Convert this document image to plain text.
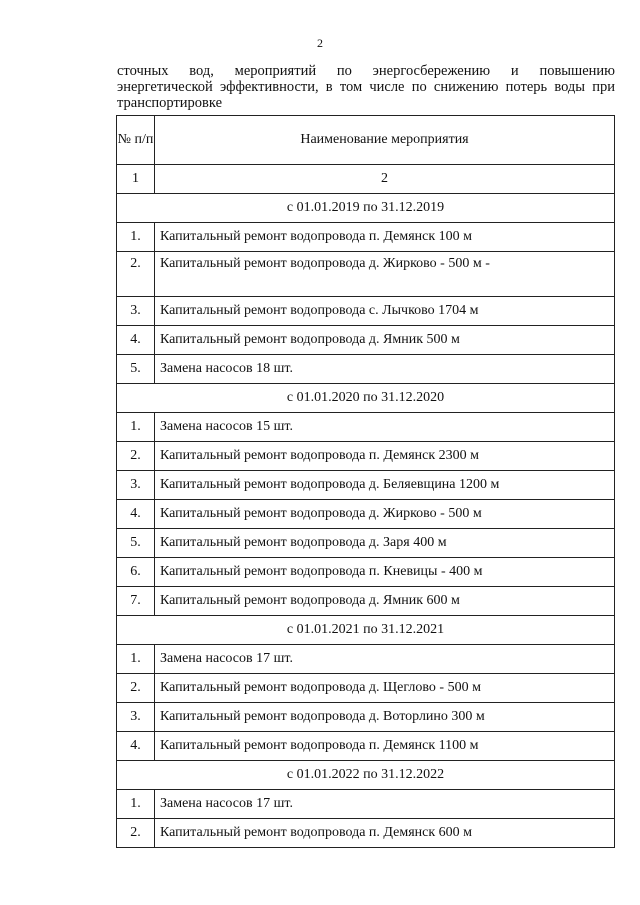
2
сточных вод, мероприятий по энергосбережению и повышению
энергетической эффективности, в том числе по снижению потерь воды при
транспортировке
№ п/п	Наименование мероприятия
1	2
с 01.01.2019 по 31.12.2019	
1.	Капитальный ремонт водопровода п. Демянск 100 м
2.	Капитальный ремонт водопровода д. Жирково - 500 м -
3.	Капитальный ремонт водопровода с. Лычково 1704 м
4.	Капитальный ремонт водопровода д. Ямник 500 м
5.	Замена насосов 18 шт.
с 01.01.2020 по 31.12.2020	
1.	Замена насосов 15 шт.
2.	Капитальный ремонт водопровода п. Демянск 2300 м
3.	Капитальный ремонт водопровода д. Беляевщина 1200 м
4.	Капитальный ремонт водопровода д. Жирково - 500 м
5.	Капитальный ремонт водопровода д. Заря 400 м
6.	Капитальный ремонт водопровода п. Кневицы - 400 м
7.	Капитальный ремонт водопровода д. Ямник 600 м
с 01.01.2021 по 31.12.2021	
1.	Замена насосов 17 шт.
2.	Капитальный ремонт водопровода д. Щеглово - 500 м
3.	Капитальный ремонт водопровода д. Воторлино 300 м
4.	Капитальный ремонт водопровода п. Демянск 1100 м
с 01.01.2022 по 31.12.2022	
1.	Замена насосов 17 шт.
2.	Капитальный ремонт водопровода п. Демянск 600 м
